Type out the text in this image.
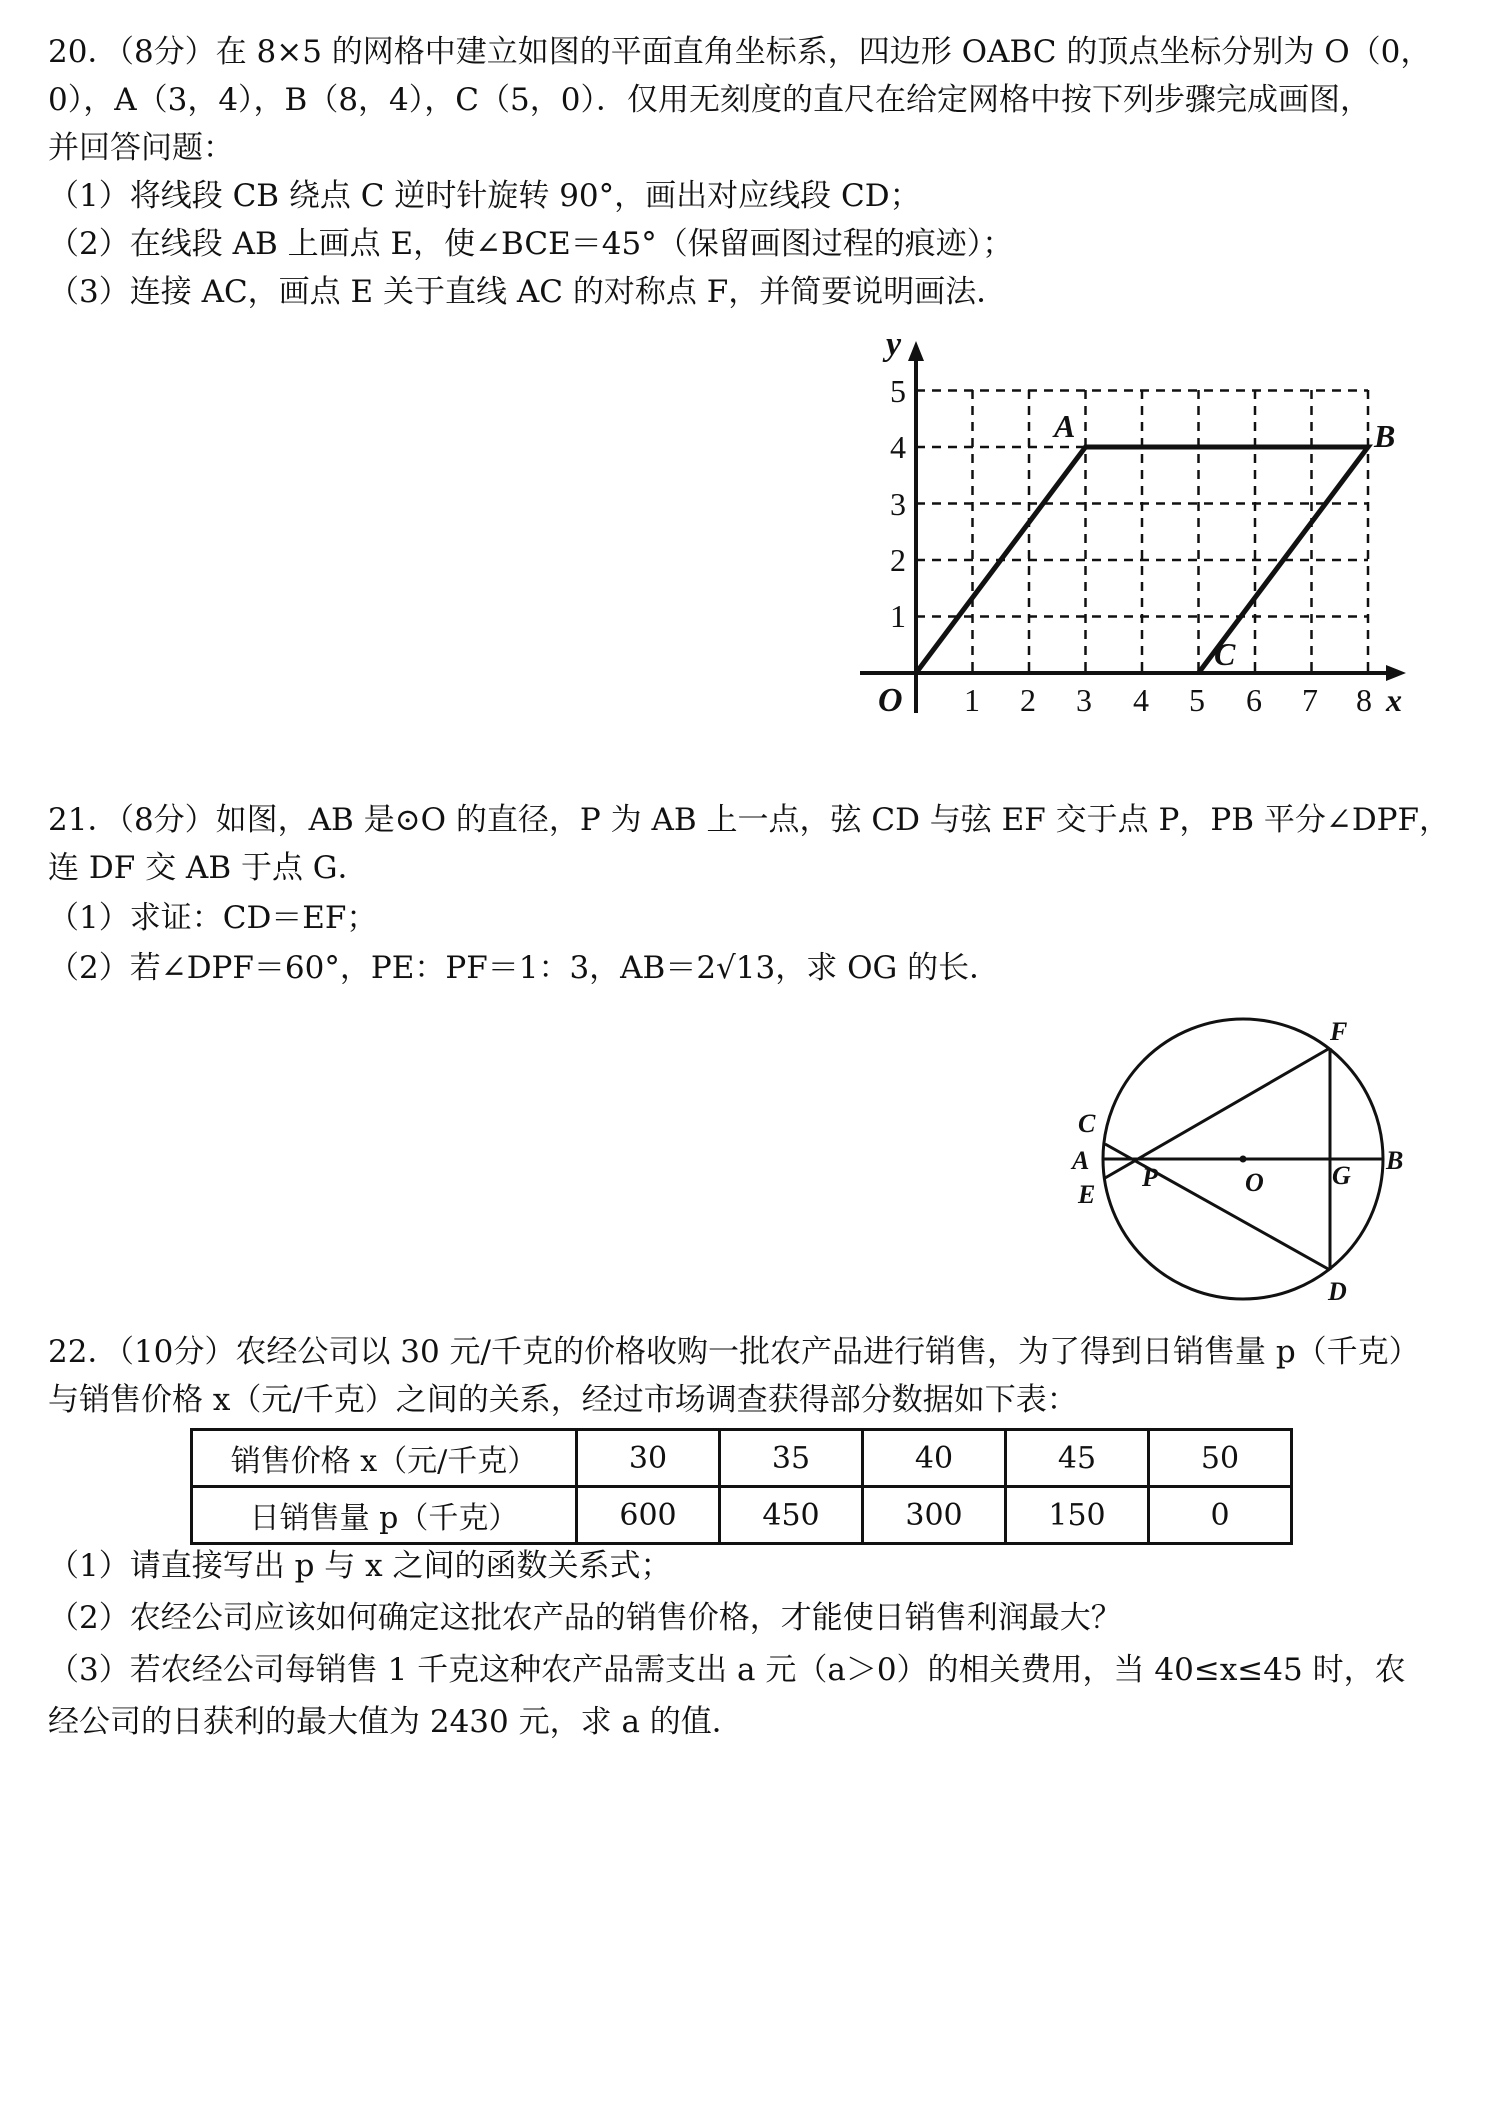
20．（8分）在 8×5 的网格中建立如图的平面直角坐标系，四边形 OABC 的顶点坐标分别为 O（0，
0），A（3，4），B（8，4），C（5，0）．仅用无刻度的直尺在给定网格中按下列步骤完成画图，
并回答问题：
（1）将线段 CB 绕点 C 逆时针旋转 90°，画出对应线段 CD；
（2）在线段 AB 上画点 E，使∠BCE＝45°（保留画图过程的痕迹）；
（3）连接 AC，画点 E 关于直线 AC 的对称点 F，并简要说明画法．
y
x
O
A	B
C
1 2 3 4 5 6 7 8
1
2
3
4
5
21．（8分）如图，AB 是⊙O 的直径，P 为 AB 上一点，弦 CD 与弦 EF 交于点 P，PB 平分∠DPF，
连 DF 交 AB 于点 G．
（1）求证：CD＝EF；
（2）若∠DPF＝60°，PE：PF＝1：3，AB＝2√13，求 OG 的长．
F
C
A
E
P	O	G
B
D
22．（10分）农经公司以 30 元/千克的价格收购一批农产品进行销售，为了得到日销售量 p（千克）
与销售价格 x（元/千克）之间的关系，经过市场调查获得部分数据如下表：
销售价格 x（元/千克）	30	35	40	45	50
日销售量 p（千克）	600	450	300	150	0
（1）请直接写出 p 与 x 之间的函数关系式；
（2）农经公司应该如何确定这批农产品的销售价格，才能使日销售利润最大？
（3）若农经公司每销售 1 千克这种农产品需支出 a 元（a＞0）的相关费用，当 40≤x≤45 时，农
经公司的日获利的最大值为 2430 元，求 a 的值．
